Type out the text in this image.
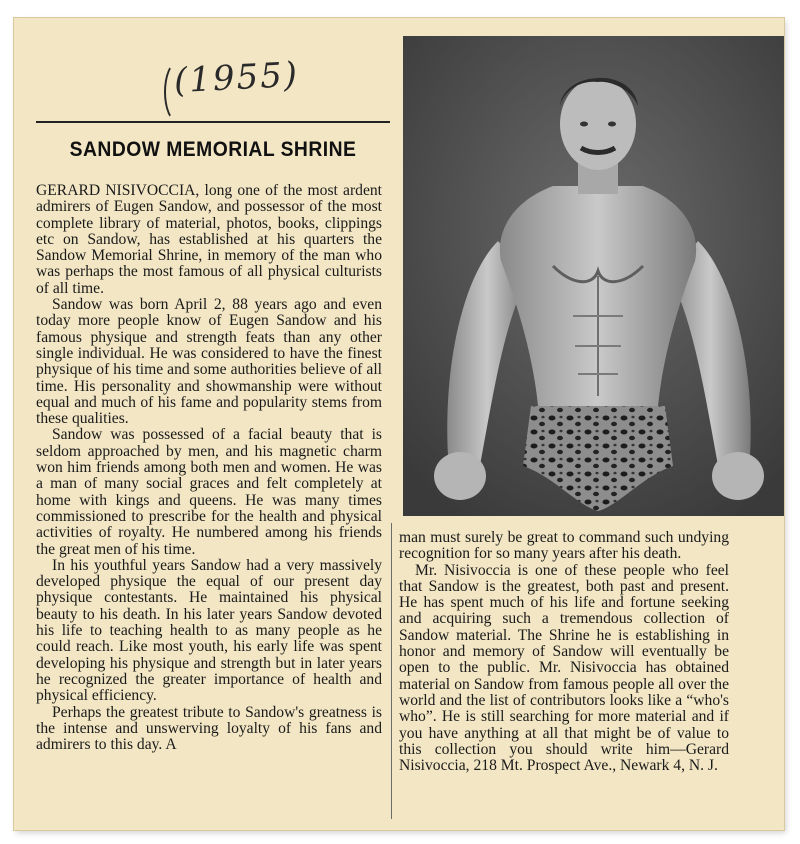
(1955)
SANDOW MEMORIAL SHRINE

GERARD NISIVOCCIA, long one of the most ardent admirers of Eugen Sandow, and possessor of the most complete library of material, photos, books, clippings etc on Sandow, has established at his quarters the Sandow Memorial Shrine, in memory of the man who was perhaps the most famous of all physical culturists of all time.

Sandow was born April 2, 88 years ago and even today more people know of Eugen Sandow and his famous physique and strength feats than any other single individual. He was considered to have the finest physique of his time and some authorities believe of all time. His personality and showmanship were without equal and much of his fame and popularity stems from these qualities.

Sandow was possessed of a facial beauty that is seldom approached by men, and his magnetic charm won him friends among both men and women. He was a man of many social graces and felt completely at home with kings and queens. He was many times commissioned to prescribe for the health and physical activities of royalty. He numbered among his friends the great men of his time.

In his youthful years Sandow had a very massively developed physique the equal of our present day physique contestants. He maintained his physical beauty to his death. In his later years Sandow devoted his life to teaching health to as many people as he could reach. Like most youth, his early life was spent developing his physique and strength but in later years he recognized the greater importance of health and physical efficiency.

Perhaps the greatest tribute to Sandow's greatness is the intense and unswerving loyalty of his fans and admirers to this day. A

man must surely be great to command such undying recognition for so many years after his death.

Mr. Nisivoccia is one of these people who feel that Sandow is the greatest, both past and present. He has spent much of his life and fortune seeking and acquiring such a tremendous collection of Sandow material. The Shrine he is establishing in honor and memory of Sandow will eventually be open to the public. Mr. Nisivoccia has obtained material on Sandow from famous people all over the world and the list of contributors looks like a “who's who”. He is still searching for more material and if you have anything at all that might be of value to this collection you should write him—Gerard Nisivoccia, 218 Mt. Prospect Ave., Newark 4, N. J.
